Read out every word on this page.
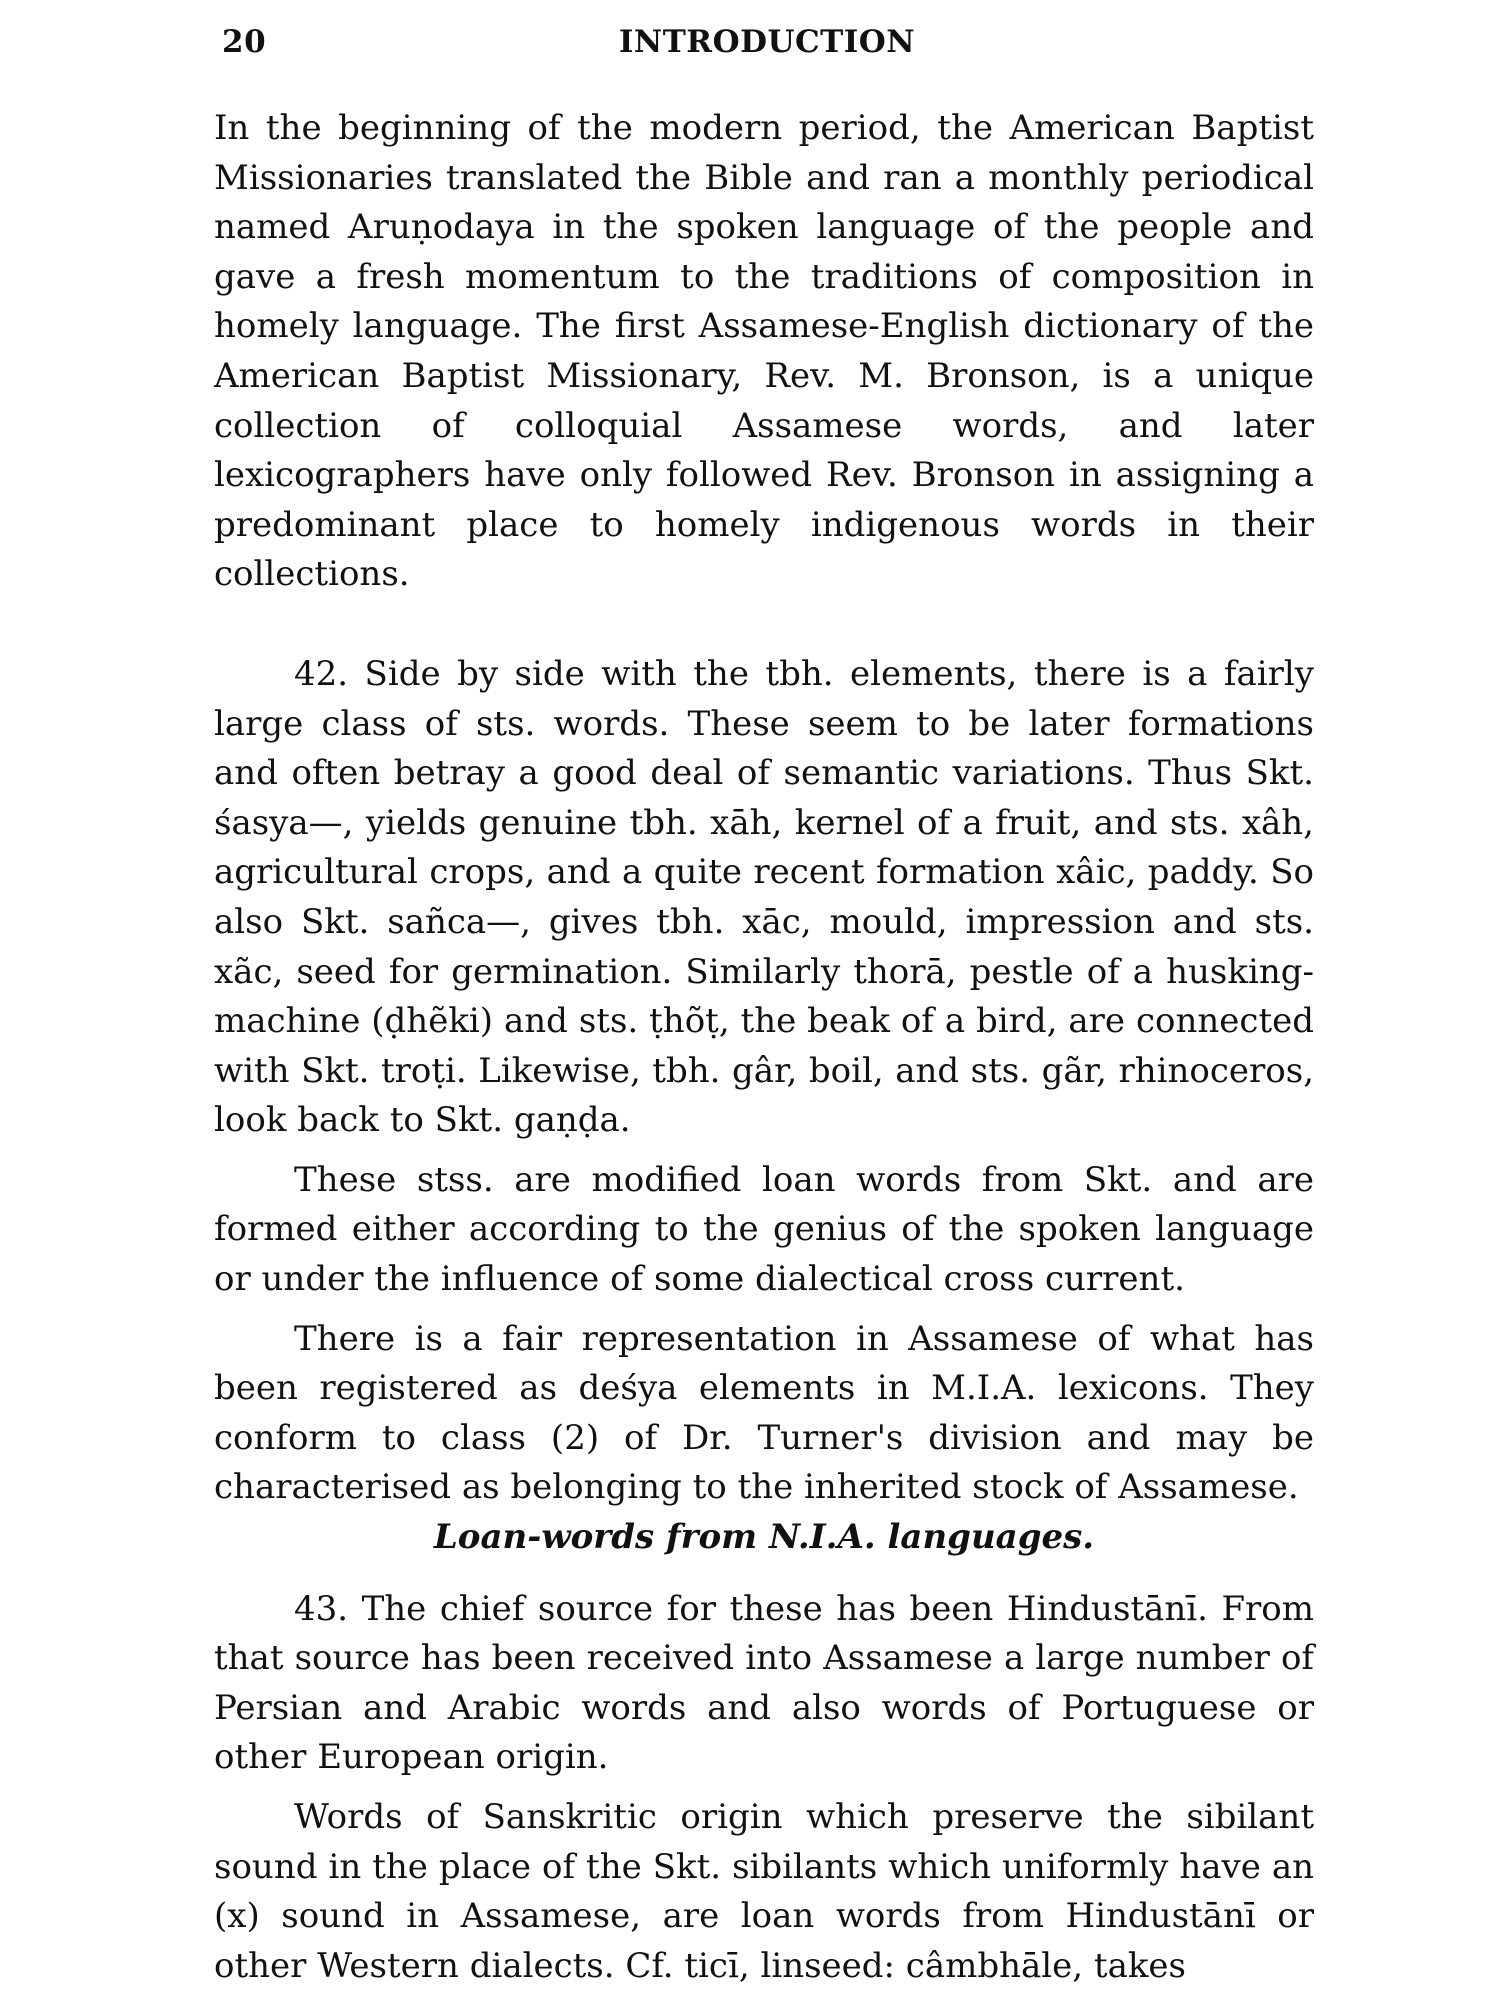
20	INTRODUCTION

In the beginning of the modern period, the American Baptist Missionaries translated the Bible and ran a monthly periodical named Aruṇodaya in the spoken language of the people and gave a fresh momentum to the traditions of composition in homely language. The first Assamese-English dictionary of the American Baptist Missionary, Rev. M. Bronson, is a unique collection of colloquial Assamese words, and later lexicographers have only followed Rev. Bronson in assigning a predominant place to homely indigenous words in their collections.

42. Side by side with the tbh. elements, there is a fairly large class of sts. words. These seem to be later formations and often betray a good deal of semantic variations. Thus Skt. śasya—, yields genuine tbh. xāh, kernel of a fruit, and sts. xâh, agricultural crops, and a quite recent formation xâic, paddy. So also Skt. sañca—, gives tbh. xāc, mould, impression and sts. xãc, seed for germination. Similarly thorā, pestle of a husking-machine (ḍhẽki) and sts. ṭhõṭ, the beak of a bird, are connected with Skt. troṭi. Likewise, tbh. gâr, boil, and sts. gãr, rhinoceros, look back to Skt. gaṇḍa.

These stss. are modified loan words from Skt. and are formed either according to the genius of the spoken language or under the influence of some dialectical cross current.

There is a fair representation in Assamese of what has been registered as deśya elements in M.I.A. lexicons. They conform to class (2) of Dr. Turner's division and may be characterised as belonging to the inherited stock of Assamese.

Loan-words from N.I.A. languages.

43. The chief source for these has been Hindustānī. From that source has been received into Assamese a large number of Persian and Arabic words and also words of Portuguese or other European origin.

Words of Sanskritic origin which preserve the sibilant sound in the place of the Skt. sibilants which uniformly have an (x) sound in Assamese, are loan words from Hindustānī or other Western dialects. Cf. ticī, linseed: câmbhāle, takes
